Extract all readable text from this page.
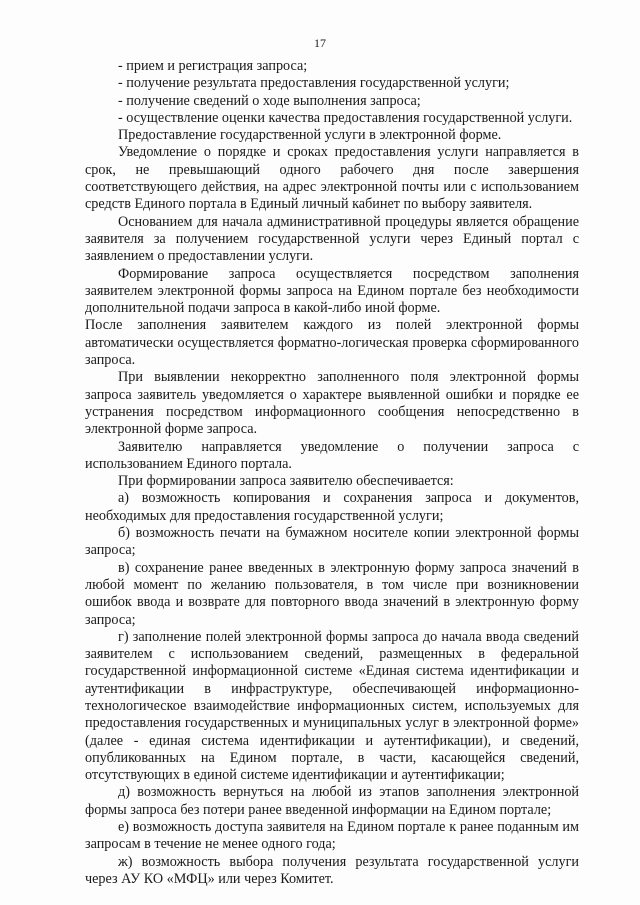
17

- прием и регистрация запроса;

- получение результата предоставления государственной услуги;

- получение сведений о ходе выполнения запроса;

- осуществление оценки качества предоставления государственной услуги.

Предоставление государственной услуги в электронной форме.

Уведомление о порядке и сроках предоставления услуги направляется в срок, не превышающий одного рабочего дня после завершения соответствующего действия, на адрес электронной почты или с использованием средств Единого портала в Единый личный кабинет по выбору заявителя.

Основанием для начала административной процедуры является обращение заявителя за получением государственной услуги через Единый портал с заявлением о предоставлении услуги.

Формирование запроса осуществляется посредством заполнения заявителем электронной формы запроса на Едином портале без необходимости дополнительной подачи запроса в какой-либо иной форме.

После заполнения заявителем каждого из полей электронной формы автоматически осуществляется форматно-логическая проверка сформированного запроса.

При выявлении некорректно заполненного поля электронной формы запроса заявитель уведомляется о характере выявленной ошибки и порядке ее устранения посредством информационного сообщения непосредственно в электронной форме запроса.

Заявителю направляется уведомление о получении запроса с использованием Единого портала.

При формировании запроса заявителю обеспечивается:

а) возможность копирования и сохранения запроса и документов, необходимых для предоставления государственной услуги;

б) возможность печати на бумажном носителе копии электронной формы запроса;

в) сохранение ранее введенных в электронную форму запроса значений в любой момент по желанию пользователя, в том числе при возникновении ошибок ввода и возврате для повторного ввода значений в электронную форму запроса;

г) заполнение полей электронной формы запроса до начала ввода сведений заявителем с использованием сведений, размещенных в федеральной государственной информационной системе «Единая система идентификации и аутентификации в инфраструктуре, обеспечивающей информационно-технологическое взаимодействие информационных систем, используемых для предоставления государственных и муниципальных услуг в электронной форме» (далее - единая система идентификации и аутентификации), и сведений, опубликованных на Едином портале, в части, касающейся сведений, отсутствующих в единой системе идентификации и аутентификации;

д) возможность вернуться на любой из этапов заполнения электронной формы запроса без потери ранее введенной информации на Едином портале;

е) возможность доступа заявителя на Едином портале к ранее поданным им запросам в течение не менее одного года;

ж) возможность выбора получения результата государственной услуги через АУ КО «МФЦ» или через Комитет.
